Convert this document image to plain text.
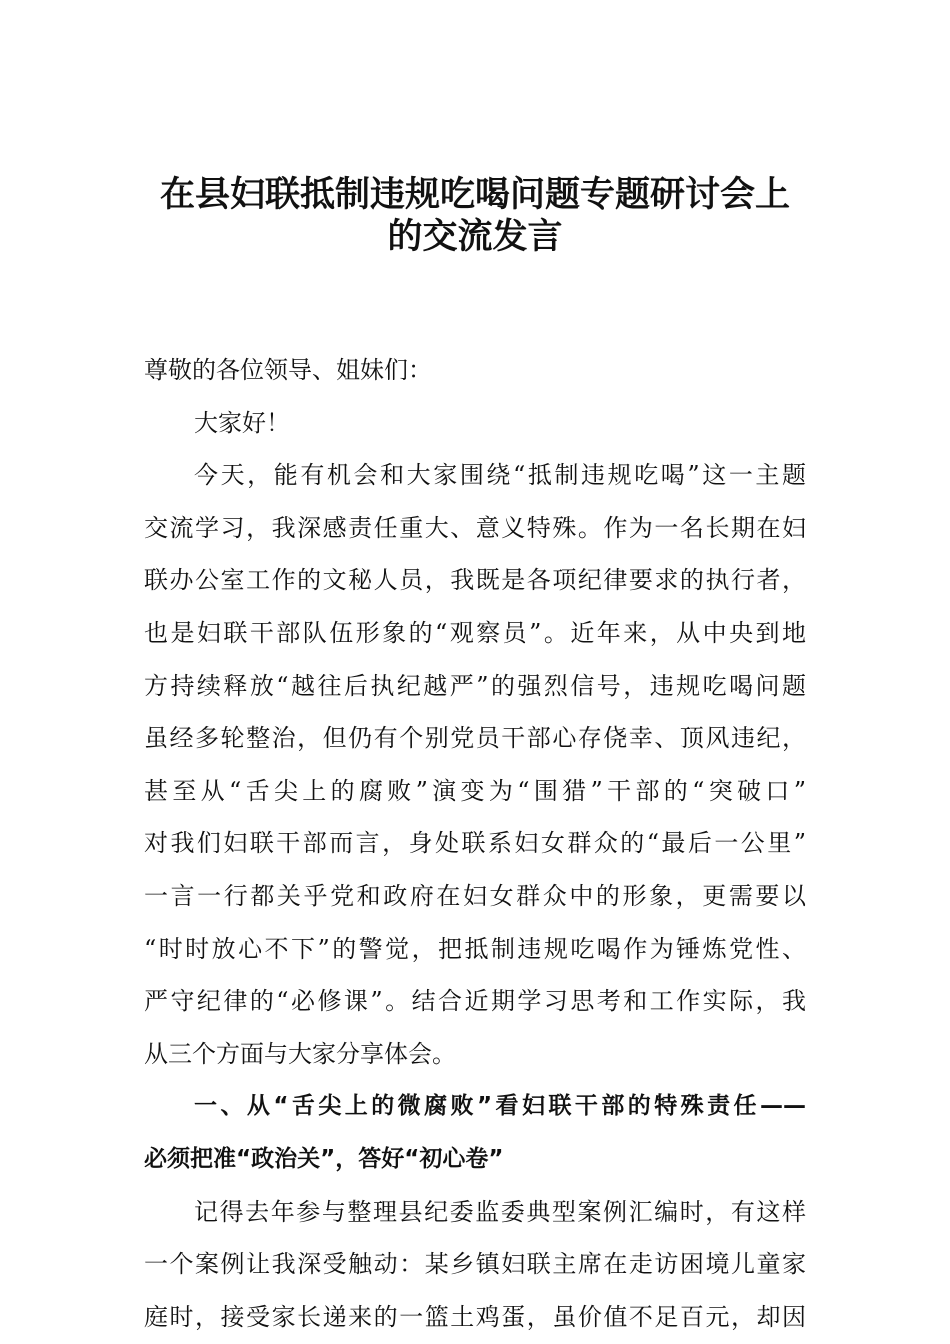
在县妇联抵制违规吃喝问题专题研讨会上
的交流发言
尊敬的各位领导、姐妹们：
大家好！
今天，能有机会和大家围绕“抵制违规吃喝”这一主题
交流学习，我深感责任重大、意义特殊。作为一名长期在妇
联办公室工作的文秘人员，我既是各项纪律要求的执行者，
也是妇联干部队伍形象的“观察员”。近年来，从中央到地
方持续释放“越往后执纪越严”的强烈信号，违规吃喝问题
虽经多轮整治，但仍有个别党员干部心存侥幸、顶风违纪，
甚至从“舌尖上的腐败”演变为“围猎”干部的“突破口”
对我们妇联干部而言，身处联系妇女群众的“最后一公里”
一言一行都关乎党和政府在妇女群众中的形象，更需要以
“时时放心不下”的警觉，把抵制违规吃喝作为锤炼党性、
严守纪律的“必修课”。结合近期学习思考和工作实际，我
从三个方面与大家分享体会。
一、从“舌尖上的微腐败”看妇联干部的特殊责任——
必须把准“政治关”，答好“初心卷”
记得去年参与整理县纪委监委典型案例汇编时，有这样
一个案例让我深受触动：某乡镇妇联主席在走访困境儿童家
庭时，接受家长递来的一篮土鸡蛋，虽价值不足百元，却因
